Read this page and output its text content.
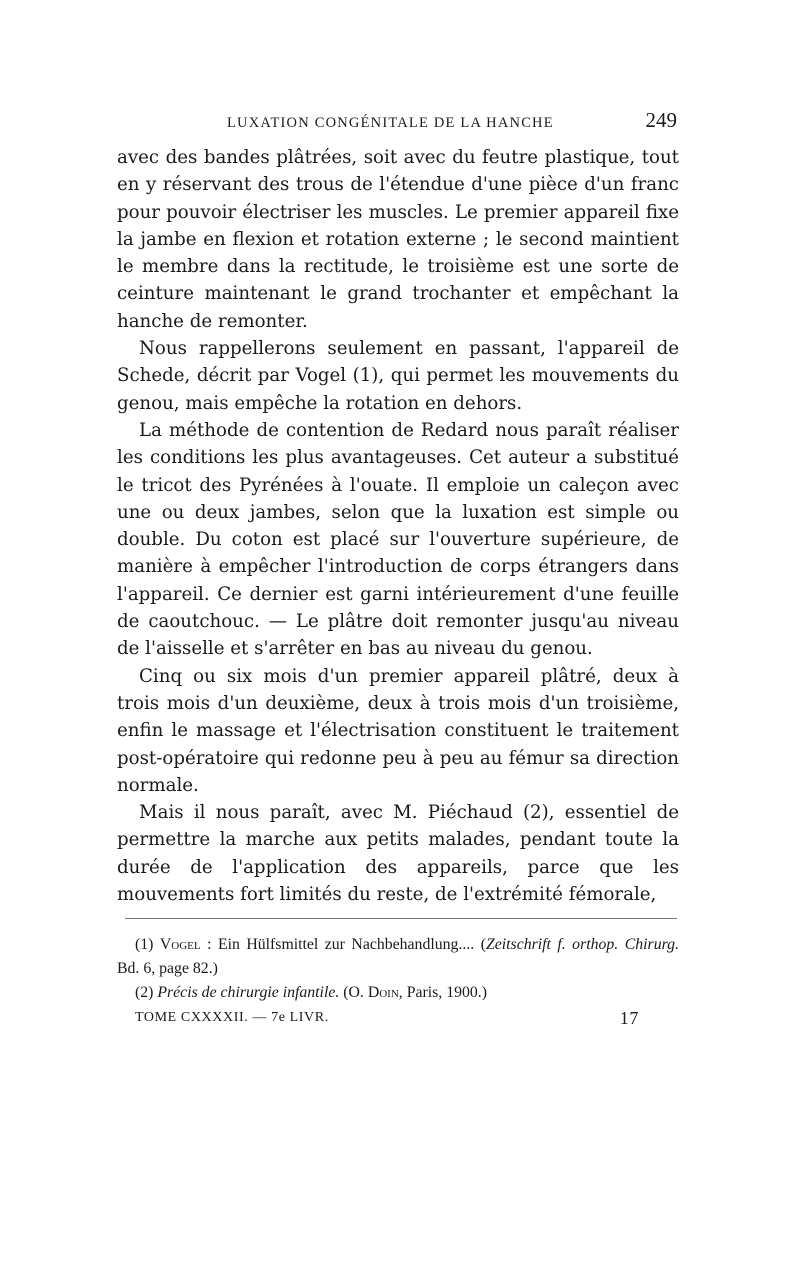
LUXATION CONGÉNITALE DE LA HANCHE	249

avec des bandes plâtrées, soit avec du feutre plastique, tout en y réservant des trous de l'étendue d'une pièce d'un franc pour pouvoir électriser les muscles. Le premier appareil fixe la jambe en flexion et rotation externe ; le second maintient le membre dans la rectitude, le troisième est une sorte de ceinture maintenant le grand trochanter et empêchant la hanche de remonter.

Nous rappellerons seulement en passant, l'appareil de Schede, décrit par Vogel (1), qui permet les mouvements du genou, mais empêche la rotation en dehors.

La méthode de contention de Redard nous paraît réaliser les conditions les plus avantageuses. Cet auteur a substitué le tricot des Pyrénées à l'ouate. Il emploie un caleçon avec une ou deux jambes, selon que la luxation est simple ou double. Du coton est placé sur l'ouverture supérieure, de manière à empêcher l'introduction de corps étrangers dans l'appareil. Ce dernier est garni intérieurement d'une feuille de caoutchouc. — Le plâtre doit remonter jusqu'au niveau de l'aisselle et s'arrêter en bas au niveau du genou.

Cinq ou six mois d'un premier appareil plâtré, deux à trois mois d'un deuxième, deux à trois mois d'un troisième, enfin le massage et l'électrisation constituent le traitement post-opératoire qui redonne peu à peu au fémur sa direction normale.

Mais il nous paraît, avec M. Piéchaud (2), essentiel de permettre la marche aux petits malades, pendant toute la durée de l'application des appareils, parce que les mouvements fort limités du reste, de l'extrémité fémorale,

(1) Vogel : Ein Hülfsmittel zur Nachbehandlung.... (Zeitschrift f. orthop. Chirurg. Bd. 6, page 82.)

(2) Précis de chirurgie infantile. (O. Doin, Paris, 1900.)

TOME CXXXXII. — 7e LIVR.	17
